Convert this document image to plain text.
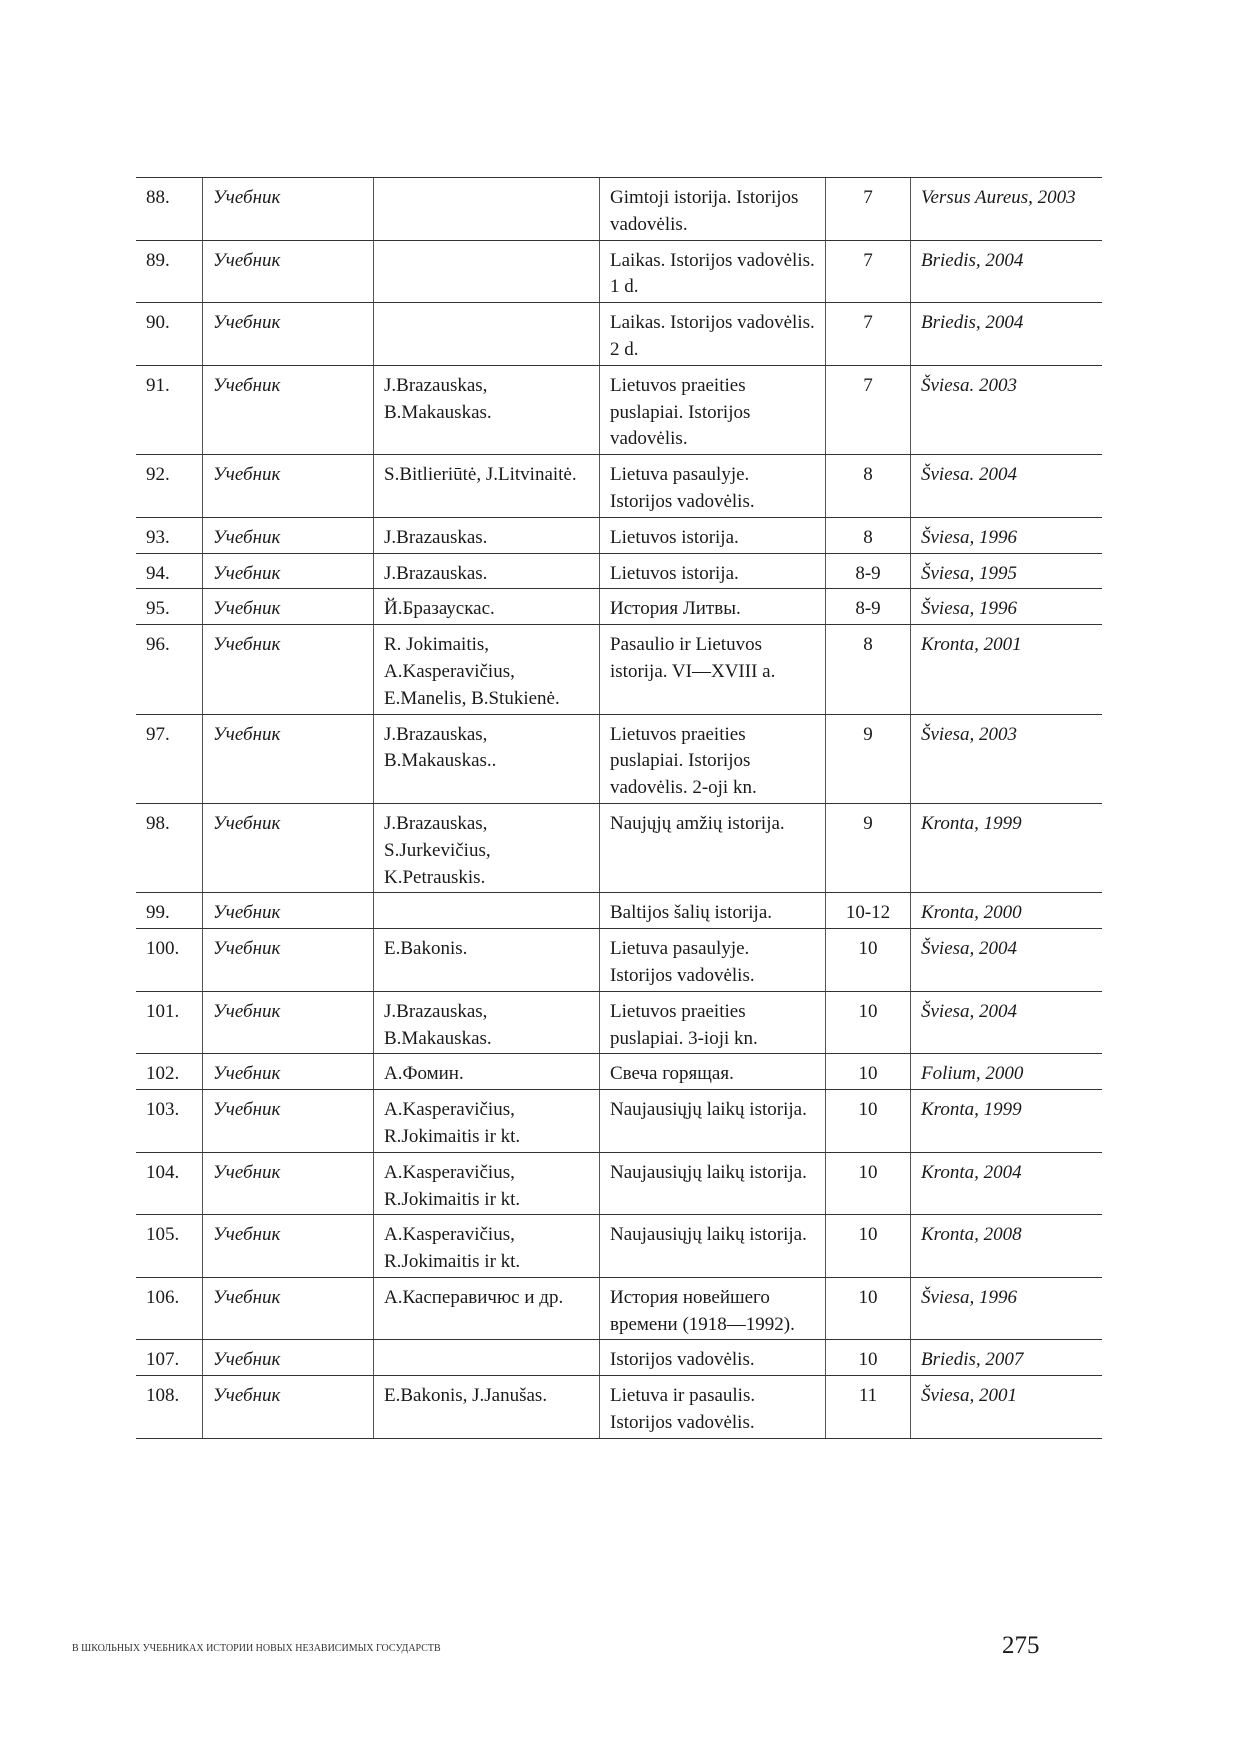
88.	Учебник		Gimtoji istorija. Istorijos vadovėlis.	7	Versus Aureus, 2003
89.	Учебник		Laikas. Istorijos vadovėlis. 1 d.	7	Briedis, 2004
90.	Учебник		Laikas. Istorijos vadovėlis. 2 d.	7	Briedis, 2004
91.	Учебник	J.Brazauskas, B.Makauskas.	Lietuvos praeities puslapiai. Istorijos vadovėlis.	7	Šviesa. 2003
92.	Учебник	S.Bitlieriūtė, J.Litvinaitė.	Lietuva pasaulyje. Istorijos vadovėlis.	8	Šviesa. 2004
93.	Учебник	J.Brazauskas.	Lietuvos istorija.	8	Šviesa, 1996
94.	Учебник	J.Brazauskas.	Lietuvos istorija.	8-9	Šviesa, 1995
95.	Учебник	Й.Бразаускас.	История Литвы.	8-9	Šviesa, 1996
96.	Учебник	R. Jokimaitis, A.Kasperavičius, E.Manelis, B.Stukienė.	Pasaulio ir Lietuvos istorija. VI—XVIII a.	8	Kronta, 2001
97.	Учебник	J.Brazauskas, B.Makauskas..	Lietuvos praeities puslapiai. Istorijos vadovėlis. 2-oji kn.	9	Šviesa, 2003
98.	Учебник	J.Brazauskas, S.Jurkevičius, K.Petrauskis.	Naujųjų amžių istorija.	9	Kronta, 1999
99.	Учебник		Baltijos šalių istorija.	10-12	Kronta, 2000
100.	Учебник	E.Bakonis.	Lietuva pasaulyje. Istorijos vadovėlis.	10	Šviesa, 2004
101.	Учебник	J.Brazauskas, B.Makauskas.	Lietuvos praeities puslapiai. 3-ioji kn.	10	Šviesa, 2004
102.	Учебник	А.Фомин.	Свеча горящая.	10	Folium, 2000
103.	Учебник	A.Kasperavičius, R.Jokimaitis ir kt.	Naujausiųjų laikų istorija.	10	Kronta, 1999
104.	Учебник	A.Kasperavičius, R.Jokimaitis ir kt.	Naujausiųjų laikų istorija.	10	Kronta, 2004
105.	Учебник	A.Kasperavičius, R.Jokimaitis ir kt.	Naujausiųjų laikų istorija.	10	Kronta, 2008
106.	Учебник	А.Касперавичюс и др.	История новейшего времени (1918—1992).	10	Šviesa, 1996
107.	Учебник		Istorijos vadovėlis.	10	Briedis, 2007
108.	Учебник	E.Bakonis, J.Janušas.	Lietuva ir pasaulis. Istorijos vadovėlis.	11	Šviesa, 2001
В ШКОЛЬНЫХ УЧЕБНИКАХ ИСТОРИИ НОВЫХ НЕЗАВИСИМЫХ ГОСУДАРСТВ	275
